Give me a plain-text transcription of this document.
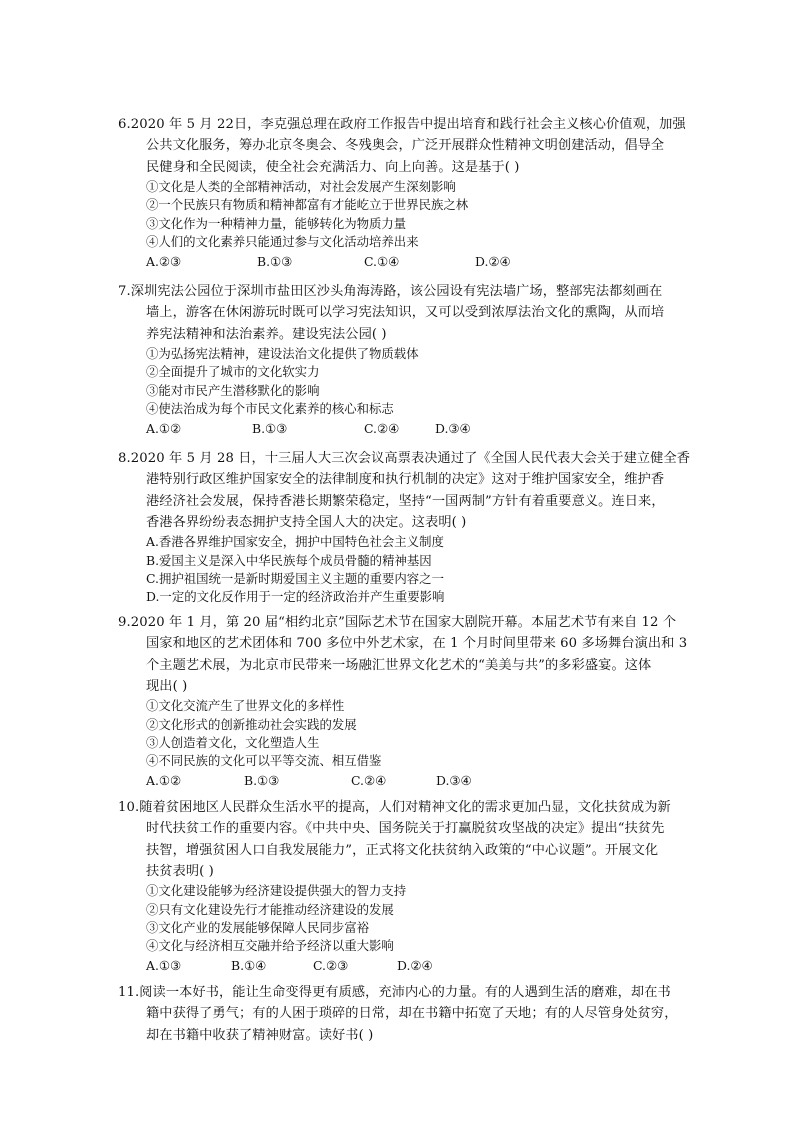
6.2020 年 5 月 22日，李克强总理在政府工作报告中提出培育和践行社会主义核心价值观，加强
公共文化服务，筹办北京冬奥会、冬残奥会，广泛开展群众性精神文明创建活动，倡导全
民健身和全民阅读，使全社会充满活力、向上向善。这是基于( )
①文化是人类的全部精神活动，对社会发展产生深刻影响
②一个民族只有物质和精神都富有才能屹立于世界民族之林
③文化作为一种精神力量，能够转化为物质力量
④人们的文化素养只能通过参与文化活动培养出来
A.②③	B.①③	C.①④	D.②④
7.深圳宪法公园位于深圳市盐田区沙头角海涛路，该公园设有宪法墙广场，整部宪法都刻画在
墙上，游客在休闲游玩时既可以学习宪法知识，又可以受到浓厚法治文化的熏陶，从而培
养宪法精神和法治素养。建设宪法公园( )
①为弘扬宪法精神，建设法治文化提供了物质载体
②全面提升了城市的文化软实力
③能对市民产生潜移默化的影响
④使法治成为每个市民文化素养的核心和标志
A.①②	B.①③	C.②④	D.③④
8.2020 年 5 月 28 日，十三届人大三次会议高票表决通过了《全国人民代表大会关于建立健全香
港特别行政区维护国家安全的法律制度和执行机制的决定》这对于维护国家安全，维护香
港经济社会发展，保持香港长期繁荣稳定，坚持“一国两制”方针有着重要意义。连日来，
香港各界纷纷表态拥护支持全国人大的决定。这表明( )
A.香港各界维护国家安全，拥护中国特色社会主义制度
B.爱国主义是深入中华民族每个成员骨髓的精神基因
C.拥护祖国统一是新时期爱国主义主题的重要内容之一
D.一定的文化反作用于一定的经济政治并产生重要影响
9.2020 年 1 月，第 20 届“相约北京”国际艺术节在国家大剧院开幕。本届艺术节有来自 12 个
国家和地区的艺术团体和 700 多位中外艺术家，在 1 个月时间里带来 60 多场舞台演出和 3
个主题艺术展，为北京市民带来一场融汇世界文化艺术的“美美与共”的多彩盛宴。这体
现出( )
①文化交流产生了世界文化的多样性
②文化形式的创新推动社会实践的发展
③人创造着文化，文化塑造人生
④不同民族的文化可以平等交流、相互借鉴
A.①②	B.①③	C.②④	D.③④
10.随着贫困地区人民群众生活水平的提高，人们对精神文化的需求更加凸显，文化扶贫成为新
时代扶贫工作的重要内容。《中共中央、国务院关于打赢脱贫攻坚战的决定》提出“扶贫先
扶智，增强贫困人口自我发展能力”，正式将文化扶贫纳入政策的“中心议题”。开展文化
扶贫表明( )
①文化建设能够为经济建设提供强大的智力支持
②只有文化建设先行才能推动经济建设的发展
③文化产业的发展能够保障人民同步富裕
④文化与经济相互交融并给予经济以重大影响
A.①③	B.①④	C.②③	D.②④
11.阅读一本好书，能让生命变得更有质感，充沛内心的力量。有的人遇到生活的磨难，却在书
籍中获得了勇气；有的人困于琐碎的日常，却在书籍中拓宽了天地；有的人尽管身处贫穷，
却在书籍中收获了精神财富。读好书( )
